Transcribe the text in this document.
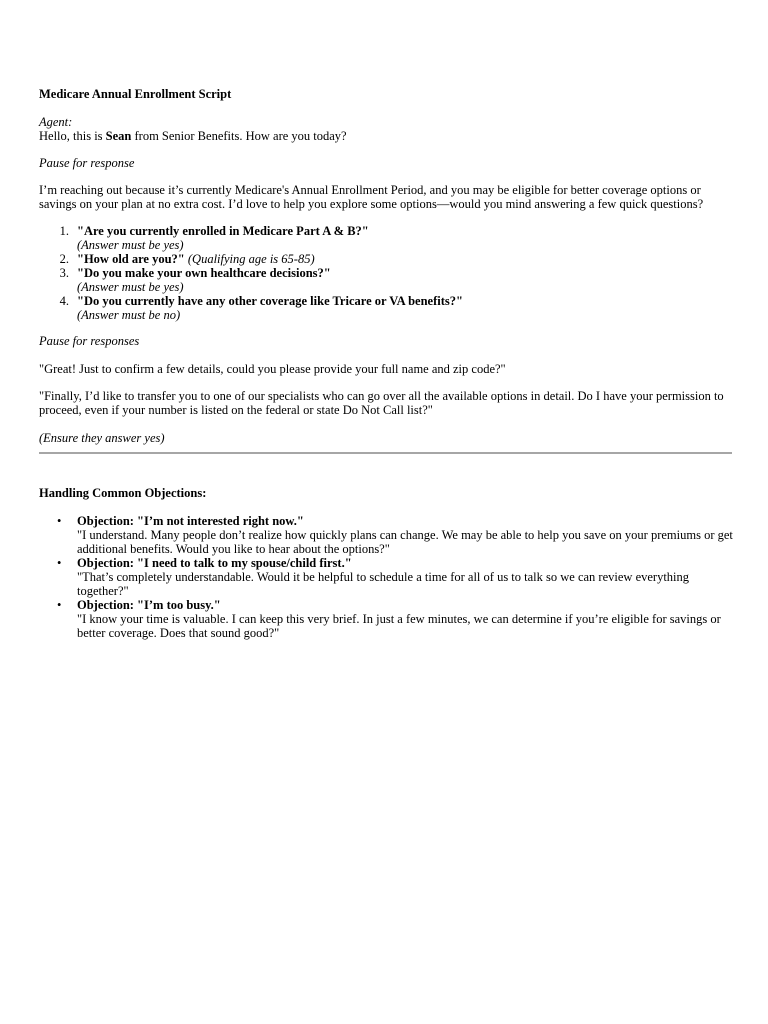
Medicare Annual Enrollment Script

Agent:
Hello, this is Sean from Senior Benefits. How are you today?

Pause for response

I’m reaching out because it’s currently Medicare's Annual Enrollment Period, and you may be eligible for better coverage options or savings on your plan at no extra cost. I’d love to help you explore some options—would you mind answering a few quick questions?

1. "Are you currently enrolled in Medicare Part A & B?"
(Answer must be yes)
2. "How old are you?" (Qualifying age is 65-85)
3. "Do you make your own healthcare decisions?"
(Answer must be yes)
4. "Do you currently have any other coverage like Tricare or VA benefits?"
(Answer must be no)

Pause for responses

"Great! Just to confirm a few details, could you please provide your full name and zip code?"

"Finally, I’d like to transfer you to one of our specialists who can go over all the available options in detail. Do I have your permission to proceed, even if your number is listed on the federal or state Do Not Call list?"

(Ensure they answer yes)

Handling Common Objections:

• Objection: "I’m not interested right now."
"I understand. Many people don’t realize how quickly plans can change. We may be able to help you save on your premiums or get additional benefits. Would you like to hear about the options?"
• Objection: "I need to talk to my spouse/child first."
"That’s completely understandable. Would it be helpful to schedule a time for all of us to talk so we can review everything together?"
• Objection: "I’m too busy."
"I know your time is valuable. I can keep this very brief. In just a few minutes, we can determine if you’re eligible for savings or better coverage. Does that sound good?"
